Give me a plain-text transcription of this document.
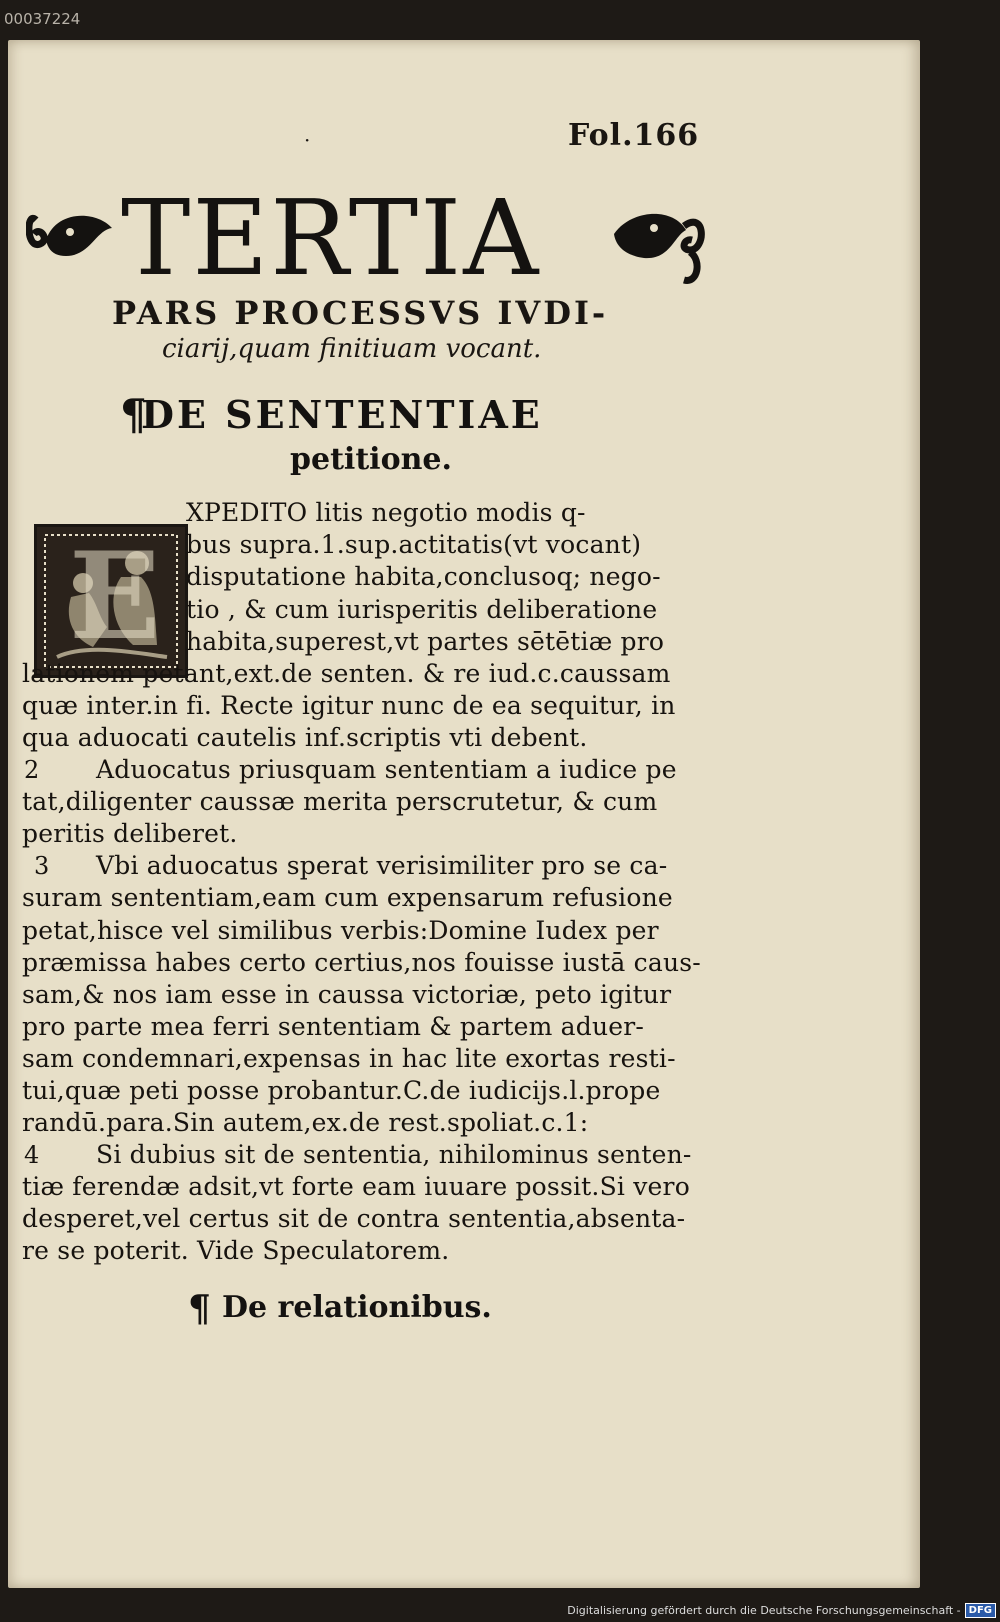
00037224
·	Fol.166
TERTIA
PARS PROCESSVS IVDI-
ciarij,quam finitiuam vocant.
¶
DE SENTENTIAE
petitione.
E
XPEDITO litis negotio modis q-
bus supra.1.sup.actitatis(vt vocant)
disputatione habita,conclusoq; nego-
tio , & cum iurisperitis deliberatione
habita,superest,vt partes sētētiæ pro
lationem petant,ext.de senten. & re iud.c.caussam
quæ inter.in fi. Recte igitur nunc de ea sequitur, in
qua aduocati cautelis inf.scriptis vti debent.
2 Aduocatus priusquam sententiam a iudice pe
tat,diligenter caussæ merita perscrutetur, & cum
peritis deliberet.
3 Vbi aduocatus sperat verisimiliter pro se ca-
suram sententiam,eam cum expensarum refusione
petat,hisce vel similibus verbis:Domine Iudex per
præmissa habes certo certius,nos fouisse iustā caus-
sam,& nos iam esse in caussa victoriæ, peto igitur
pro parte mea ferri sententiam & partem aduer-
sam condemnari,expensas in hac lite exortas resti-
tui,quæ peti posse probantur.C.de iudicijs.l.prope
randū.para.Sin autem,ex.de rest.spoliat.c.1:
4 Si dubius sit de sententia, nihilominus senten-
tiæ ferendæ adsit,vt forte eam iuuare possit.Si vero
desperet,vel certus sit de contra sententia,absenta-
re se poterit. Vide Speculatorem.
¶ De relationibus.
Digitalisierung gefördert durch die Deutsche Forschungsgemeinschaft - DFG
